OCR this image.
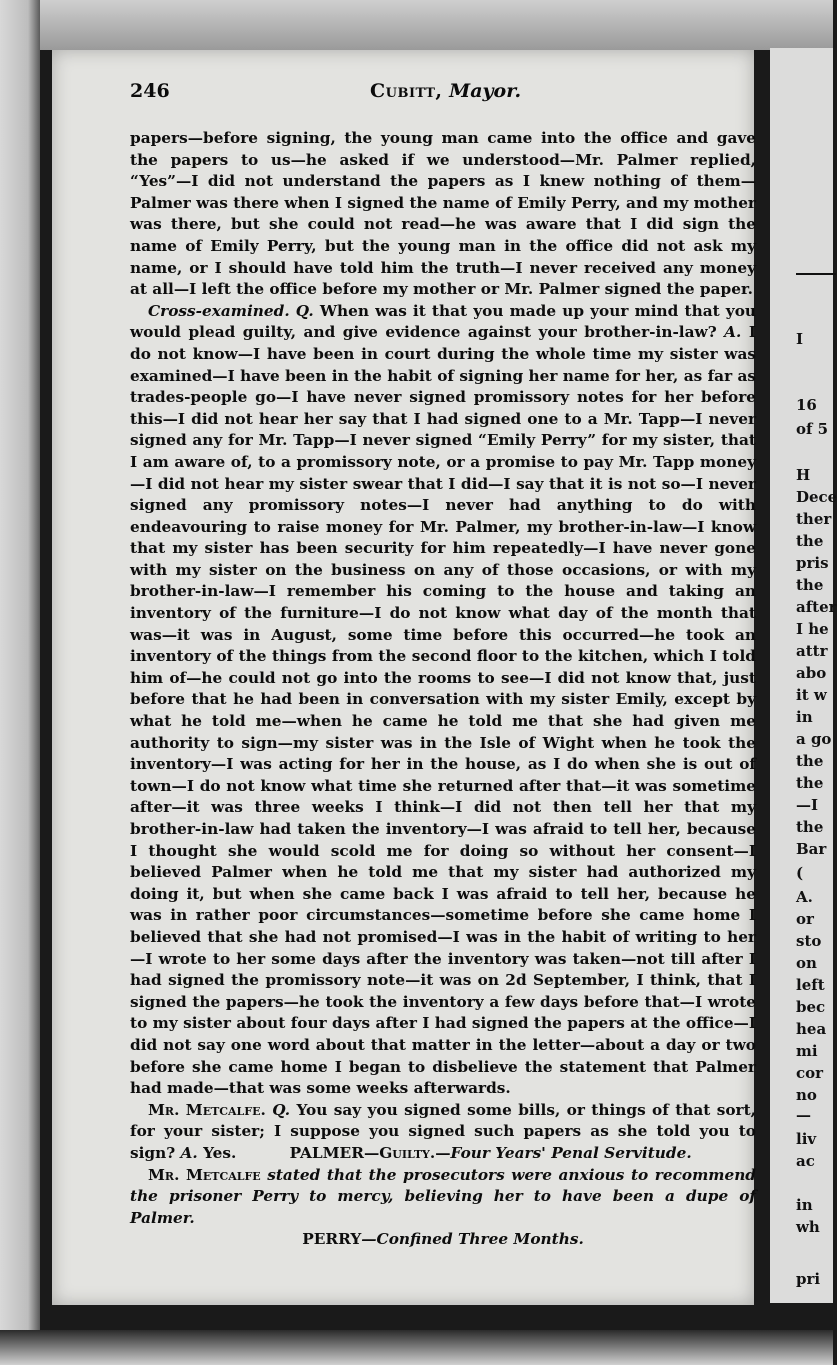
246	Cubitt, Mayor.

papers—before signing, the young man came into the office and gave the papers to us—he asked if we understood—Mr. Palmer replied, “Yes”—I did not understand the papers as I knew nothing of them—Palmer was there when I signed the name of Emily Perry, and my mother was there, but she could not read—he was aware that I did sign the name of Emily Perry, but the young man in the office did not ask my name, or I should have told him the truth—I never received any money at all—I left the office before my mother or Mr. Palmer signed the paper.

Cross-examined. Q. When was it that you made up your mind that you would plead guilty, and give evidence against your brother-in-law? A. I do not know—I have been in court during the whole time my sister was examined—I have been in the habit of signing her name for her, as far as trades-people go—I have never signed promissory notes for her before this—I did not hear her say that I had signed one to a Mr. Tapp—I never signed any for Mr. Tapp—I never signed “Emily Perry” for my sister, that I am aware of, to a promissory note, or a promise to pay Mr. Tapp money—I did not hear my sister swear that I did—I say that it is not so—I never signed any promissory notes—I never had anything to do with endeavouring to raise money for Mr. Palmer, my brother-in-law—I know that my sister has been security for him repeatedly—I have never gone with my sister on the business on any of those occasions, or with my brother-in-law—I remember his coming to the house and taking an inventory of the furniture—I do not know what day of the month that was—it was in August, some time before this occurred—he took an inventory of the things from the second floor to the kitchen, which I told him of—he could not go into the rooms to see—I did not know that, just before that he had been in conversation with my sister Emily, except by what he told me—when he came he told me that she had given me authority to sign—my sister was in the Isle of Wight when he took the inventory—I was acting for her in the house, as I do when she is out of town—I do not know what time she returned after that—it was sometime after—it was three weeks I think—I did not then tell her that my brother-in-law had taken the inventory—I was afraid to tell her, because I thought she would scold me for doing so without her consent—I believed Palmer when he told me that my sister had authorized my doing it, but when she came back I was afraid to tell her, because he was in rather poor circumstances—sometime before she came home I believed that she had not promised—I was in the habit of writing to her—I wrote to her some days after the inventory was taken—not till after I had signed the promissory note—it was on 2d September, I think, that I signed the papers—he took the inventory a few days before that—I wrote to my sister about four days after I had signed the papers at the office—I did not say one word about that matter in the letter—about a day or two before she came home I began to disbelieve the statement that Palmer had made—that was some weeks afterwards.

Mr. Metcalfe. Q. You say you signed some bills, or things of that sort, for your sister; I suppose you signed such papers as she told you to sign? A. Yes.	PALMER—Guilty.—Four Years' Penal Servitude.

Mr. Metcalfe stated that the prosecutors were anxious to recommend the prisoner Perry to mercy, believing her to have been a dupe of Palmer.

PERRY—Confined Three Months.

I
16
of 5
H
Dece
ther
the
pris
the
after
I he
attr
abo
it w
in
a go
the
the
—I
the
Bar
(
A.
or
sto
on
left
bec
hea
mi
cor
no
—
liv
ac
in
wh
pri
